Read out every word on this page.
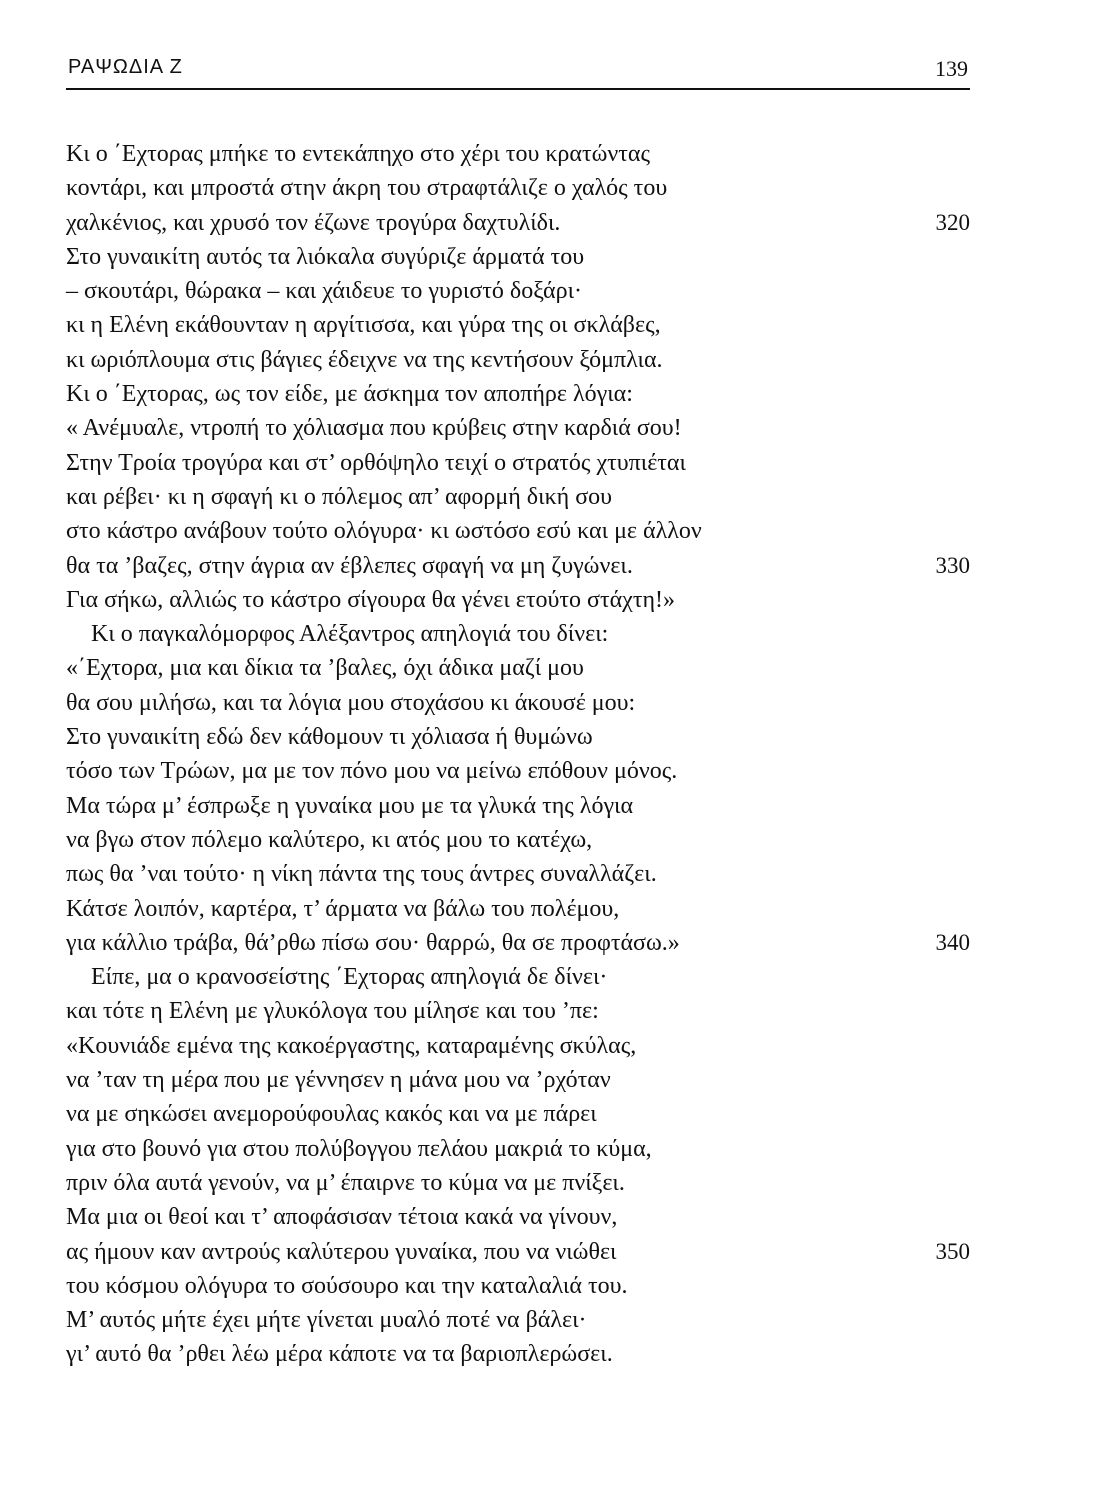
ΡΑΨΩΔΙΑ Ζ	139
Κι ο ΄Εχτορας μπήκε το εντεκάπηχο στο χέρι του κρατώντας
κοντάρι, και μπροστά στην άκρη του στραφτάλιζε ο χαλός του
χαλκένιος, και χρυσό τον έζωνε τρογύρα δαχτυλίδι.	320
Στο γυναικίτη αυτός τα λιόκαλα συγύριζε άρματά του
– σκουτάρι, θώρακα – και χάιδευε το γυριστό δοξάρι·
κι η Ελένη εκάθουνταν η αργίτισσα, και γύρα της οι σκλάβες,
κι ωριόπλουμα στις βάγιες έδειχνε να της κεντήσουν ξόμπλια.
Κι ο ΄Εχτορας, ως τον είδε, με άσκημα τον αποπήρε λόγια:
« Ανέμυαλε, ντροπή το χόλιασμα που κρύβεις στην καρδιά σου!
Στην Τροία τρογύρα και στ’ ορθόψηλο τειχί ο στρατός χτυπιέται
και ρέβει· κι η σφαγή κι ο πόλεμος απ’ αφορμή δική σου
στο κάστρο ανάβουν τούτο ολόγυρα· κι ωστόσο εσύ και με άλλον
θα τα ’βαζες, στην άγρια αν έβλεπες σφαγή να μη ζυγώνει.	330
Για σήκω, αλλιώς το κάστρο σίγουρα θα γένει ετούτο στάχτη!»
Κι ο παγκαλόμορφος Αλέξαντρος απηλογιά του δίνει:
«΄Εχτορα, μια και δίκια τα ’βαλες, όχι άδικα μαζί μου
θα σου μιλήσω, και τα λόγια μου στοχάσου κι άκουσέ μου:
Στο γυναικίτη εδώ δεν κάθομουν τι χόλιασα ή θυμώνω
τόσο των Τρώων, μα με τον πόνο μου να μείνω επόθουν μόνος.
Μα τώρα μ’ έσπρωξε η γυναίκα μου με τα γλυκά της λόγια
να βγω στον πόλεμο καλύτερο, κι ατός μου το κατέχω,
πως θα ’ναι τούτο· η νίκη πάντα της τους άντρες συναλλάζει.
Κάτσε λοιπόν, καρτέρα, τ’ άρματα να βάλω του πολέμου,
για κάλλιο τράβα, θά’ρθω πίσω σου· θαρρώ, θα σε προφτάσω.»	340
Είπε, μα ο κρανοσείστης ΄Εχτορας απηλογιά δε δίνει·
και τότε η Ελένη με γλυκόλογα του μίλησε και του ’πε:
«Κουνιάδε εμένα της κακοέργαστης, καταραμένης σκύλας,
να ’ταν τη μέρα που με γέννησεν η μάνα μου να ’ρχόταν
να με σηκώσει ανεμορούφουλας κακός και να με πάρει
για στο βουνό για στου πολύβογγου πελάου μακριά το κύμα,
πριν όλα αυτά γενούν, να μ’ έπαιρνε το κύμα να με πνίξει.
Μα μια οι θεοί και τ’ αποφάσισαν τέτοια κακά να γίνουν,
ας ήμουν καν αντρούς καλύτερου γυναίκα, που να νιώθει	350
του κόσμου ολόγυρα το σούσουρο και την καταλαλιά του.
Μ’ αυτός μήτε έχει μήτε γίνεται μυαλό ποτέ να βάλει·
γι’ αυτό θα ’ρθει λέω μέρα κάποτε να τα βαριοπλερώσει.
